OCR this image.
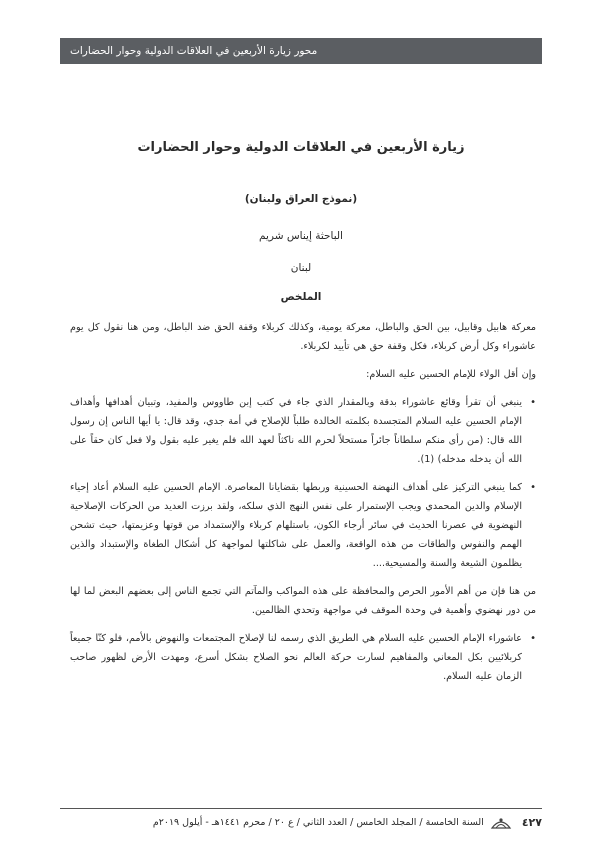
محور زيارة الأربعين في العلاقات الدولية وحوار الحضارات
زيارة الأربعين في العلاقات الدولية وحوار الحضارات
(نموذج العراق ولبنان)
الباحثة إيناس شريم
لبنان
الملخص

معركة هابيل وقابيل، بين الحق والباطل، معركة يومية، وكذلك كربلاء وقفة الحق ضد الباطل، ومن هنا نقول كل يوم عاشوراء وكل أرض كربلاء، فكل وقفة حق هي تأييد لكربلاء.

وإن أقل الولاء للإمام الحسين عليه السلام:

• ينبغي أن تقرأ وقائع عاشوراء بدقة وبالمقدار الذي جاء في كتب إبن طاووس والمفيد، وتبيان أهدافها وأهداف الإمام الحسين عليه السلام المتجسدة بكلمته الخالدة طلباً للإصلاح في أمة جدي، وقد قال: يا أيها الناس إن رسول الله قال: (من رأى منكم سلطاناً جائراً مستحلاً لحرم الله ناكثاً لعهد الله فلم يغير عليه بقول ولا فعل كان حقاً على الله أن يدخله مدخله) (1).

• كما ينبغي التركيز على أهداف النهضة الحسينية وربطها بقضايانا المعاصرة. الإمام الحسين عليه السلام أعاد إحياء الإسلام والدين المحمدي ويجب الإستمرار على نفس النهج الذي سلكه، ولقد برزت العديد من الحركات الإصلاحية النهضوية في عصرنا الحديث في سائر أرجاء الكون، باستلهام كربلاء والإستمداد من قوتها وعزيمتها، حيث تشحن الهمم والنفوس والطاقات من هذه الواقعة، والعمل على شاكلتها لمواجهة كل أشكال الطغاة والإستبداد والذين يظلمون الشيعة والسنة والمسيحية....

من هنا فإن من أهم الأمور الحرص والمحافظة على هذه المواكب والمآتم التي تجمع الناس إلى بعضهم البعض لما لها من دور نهضوي وأهمية في وحدة الموقف في مواجهة وتحدي الظالمين.

• عاشوراء الإمام الحسين عليه السلام هي الطريق الذي رسمه لنا لإصلاح المجتمعات والنهوض بالأمم، فلو كنّا جميعاً كربلائيين بكل المعاني والمفاهيم لسارت حركة العالم نحو الصلاح بشكل أسرع، ومهدت الأرض لظهور صاحب الزمان عليه السلام.

٤٢٧
السنة الخامسة / المجلد الخامس / العدد الثاني / ع ٢٠ / محرم ١٤٤١هـ - أيلول ٢٠١٩م
